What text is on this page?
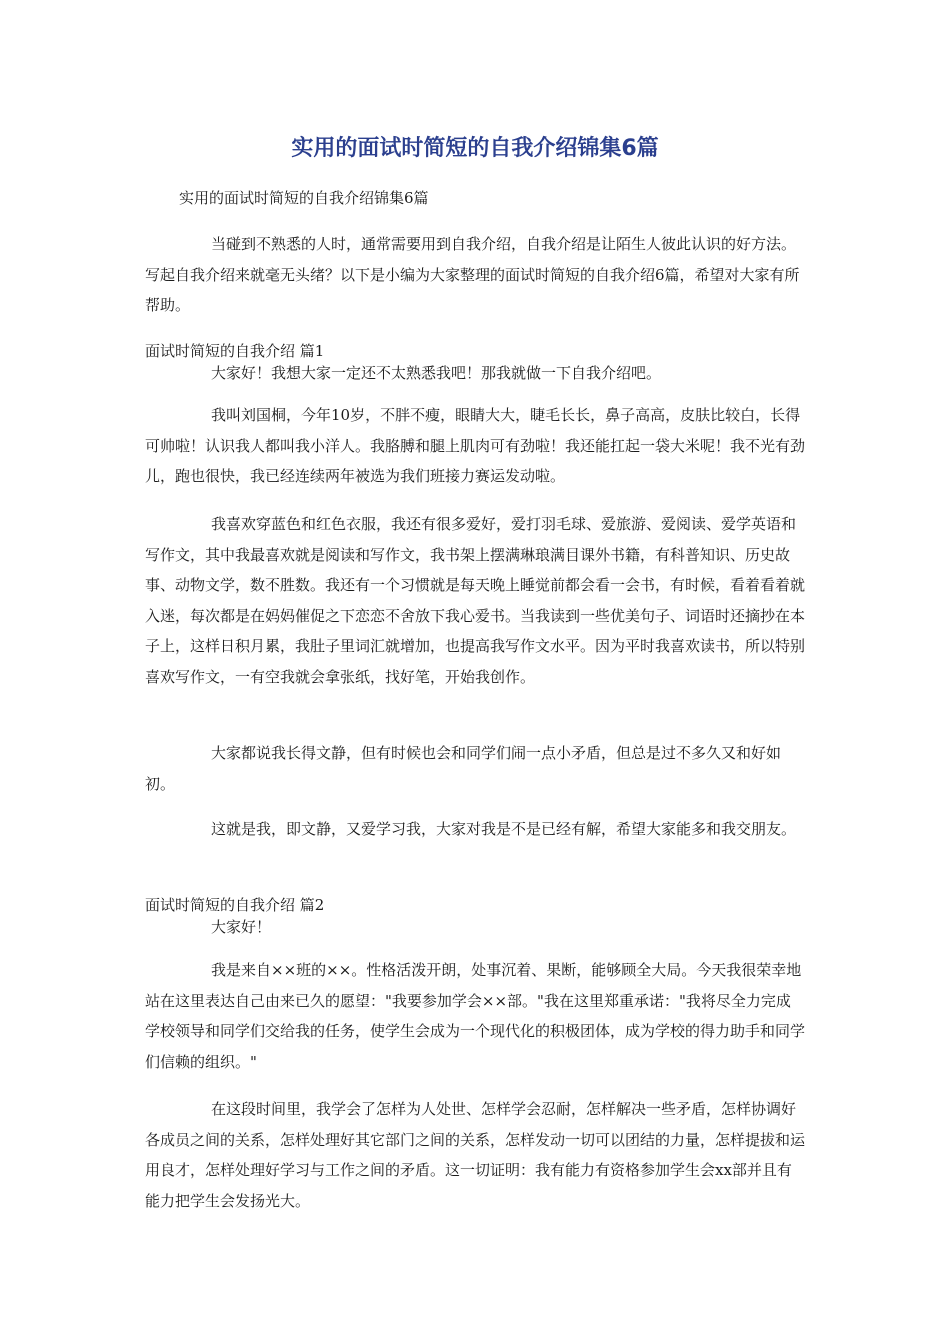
实用的面试时简短的自我介绍锦集6篇

实用的面试时简短的自我介绍锦集6篇

当碰到不熟悉的人时，通常需要用到自我介绍，自我介绍是让陌生人彼此认识的好方法。写起自我介绍来就毫无头绪？以下是小编为大家整理的面试时简短的自我介绍6篇，希望对大家有所帮助。

面试时简短的自我介绍 篇1

大家好！我想大家一定还不太熟悉我吧！那我就做一下自我介绍吧。

我叫刘国桐，今年10岁，不胖不瘦，眼睛大大，睫毛长长，鼻子高高，皮肤比较白，长得可帅啦！认识我人都叫我小洋人。我胳膊和腿上肌肉可有劲啦！我还能扛起一袋大米呢！我不光有劲儿，跑也很快，我已经连续两年被选为我们班接力赛运发动啦。

我喜欢穿蓝色和红色衣服，我还有很多爱好，爱打羽毛球、爱旅游、爱阅读、爱学英语和写作文，其中我最喜欢就是阅读和写作文，我书架上摆满琳琅满目课外书籍，有科普知识、历史故事、动物文学，数不胜数。我还有一个习惯就是每天晚上睡觉前都会看一会书，有时候，看着看着就入迷，每次都是在妈妈催促之下恋恋不舍放下我心爱书。当我读到一些优美句子、词语时还摘抄在本子上，这样日积月累，我肚子里词汇就增加，也提高我写作文水平。因为平时我喜欢读书，所以特别喜欢写作文，一有空我就会拿张纸，找好笔，开始我创作。

大家都说我长得文静，但有时候也会和同学们闹一点小矛盾，但总是过不多久又和好如初。

这就是我，即文静，又爱学习我，大家对我是不是已经有解，希望大家能多和我交朋友。

面试时简短的自我介绍 篇2

大家好！

我是来自××班的××。性格活泼开朗，处事沉着、果断，能够顾全大局。今天我很荣幸地站在这里表达自己由来已久的愿望："我要参加学会××部。"我在这里郑重承诺："我将尽全力完成学校领导和同学们交给我的任务，使学生会成为一个现代化的积极团体，成为学校的得力助手和同学们信赖的组织。"

在这段时间里，我学会了怎样为人处世、怎样学会忍耐，怎样解决一些矛盾，怎样协调好各成员之间的关系，怎样处理好其它部门之间的关系，怎样发动一切可以团结的力量，怎样提拔和运用良才，怎样处理好学习与工作之间的矛盾。这一切证明：我有能力有资格参加学生会xx部并且有能力把学生会发扬光大。
